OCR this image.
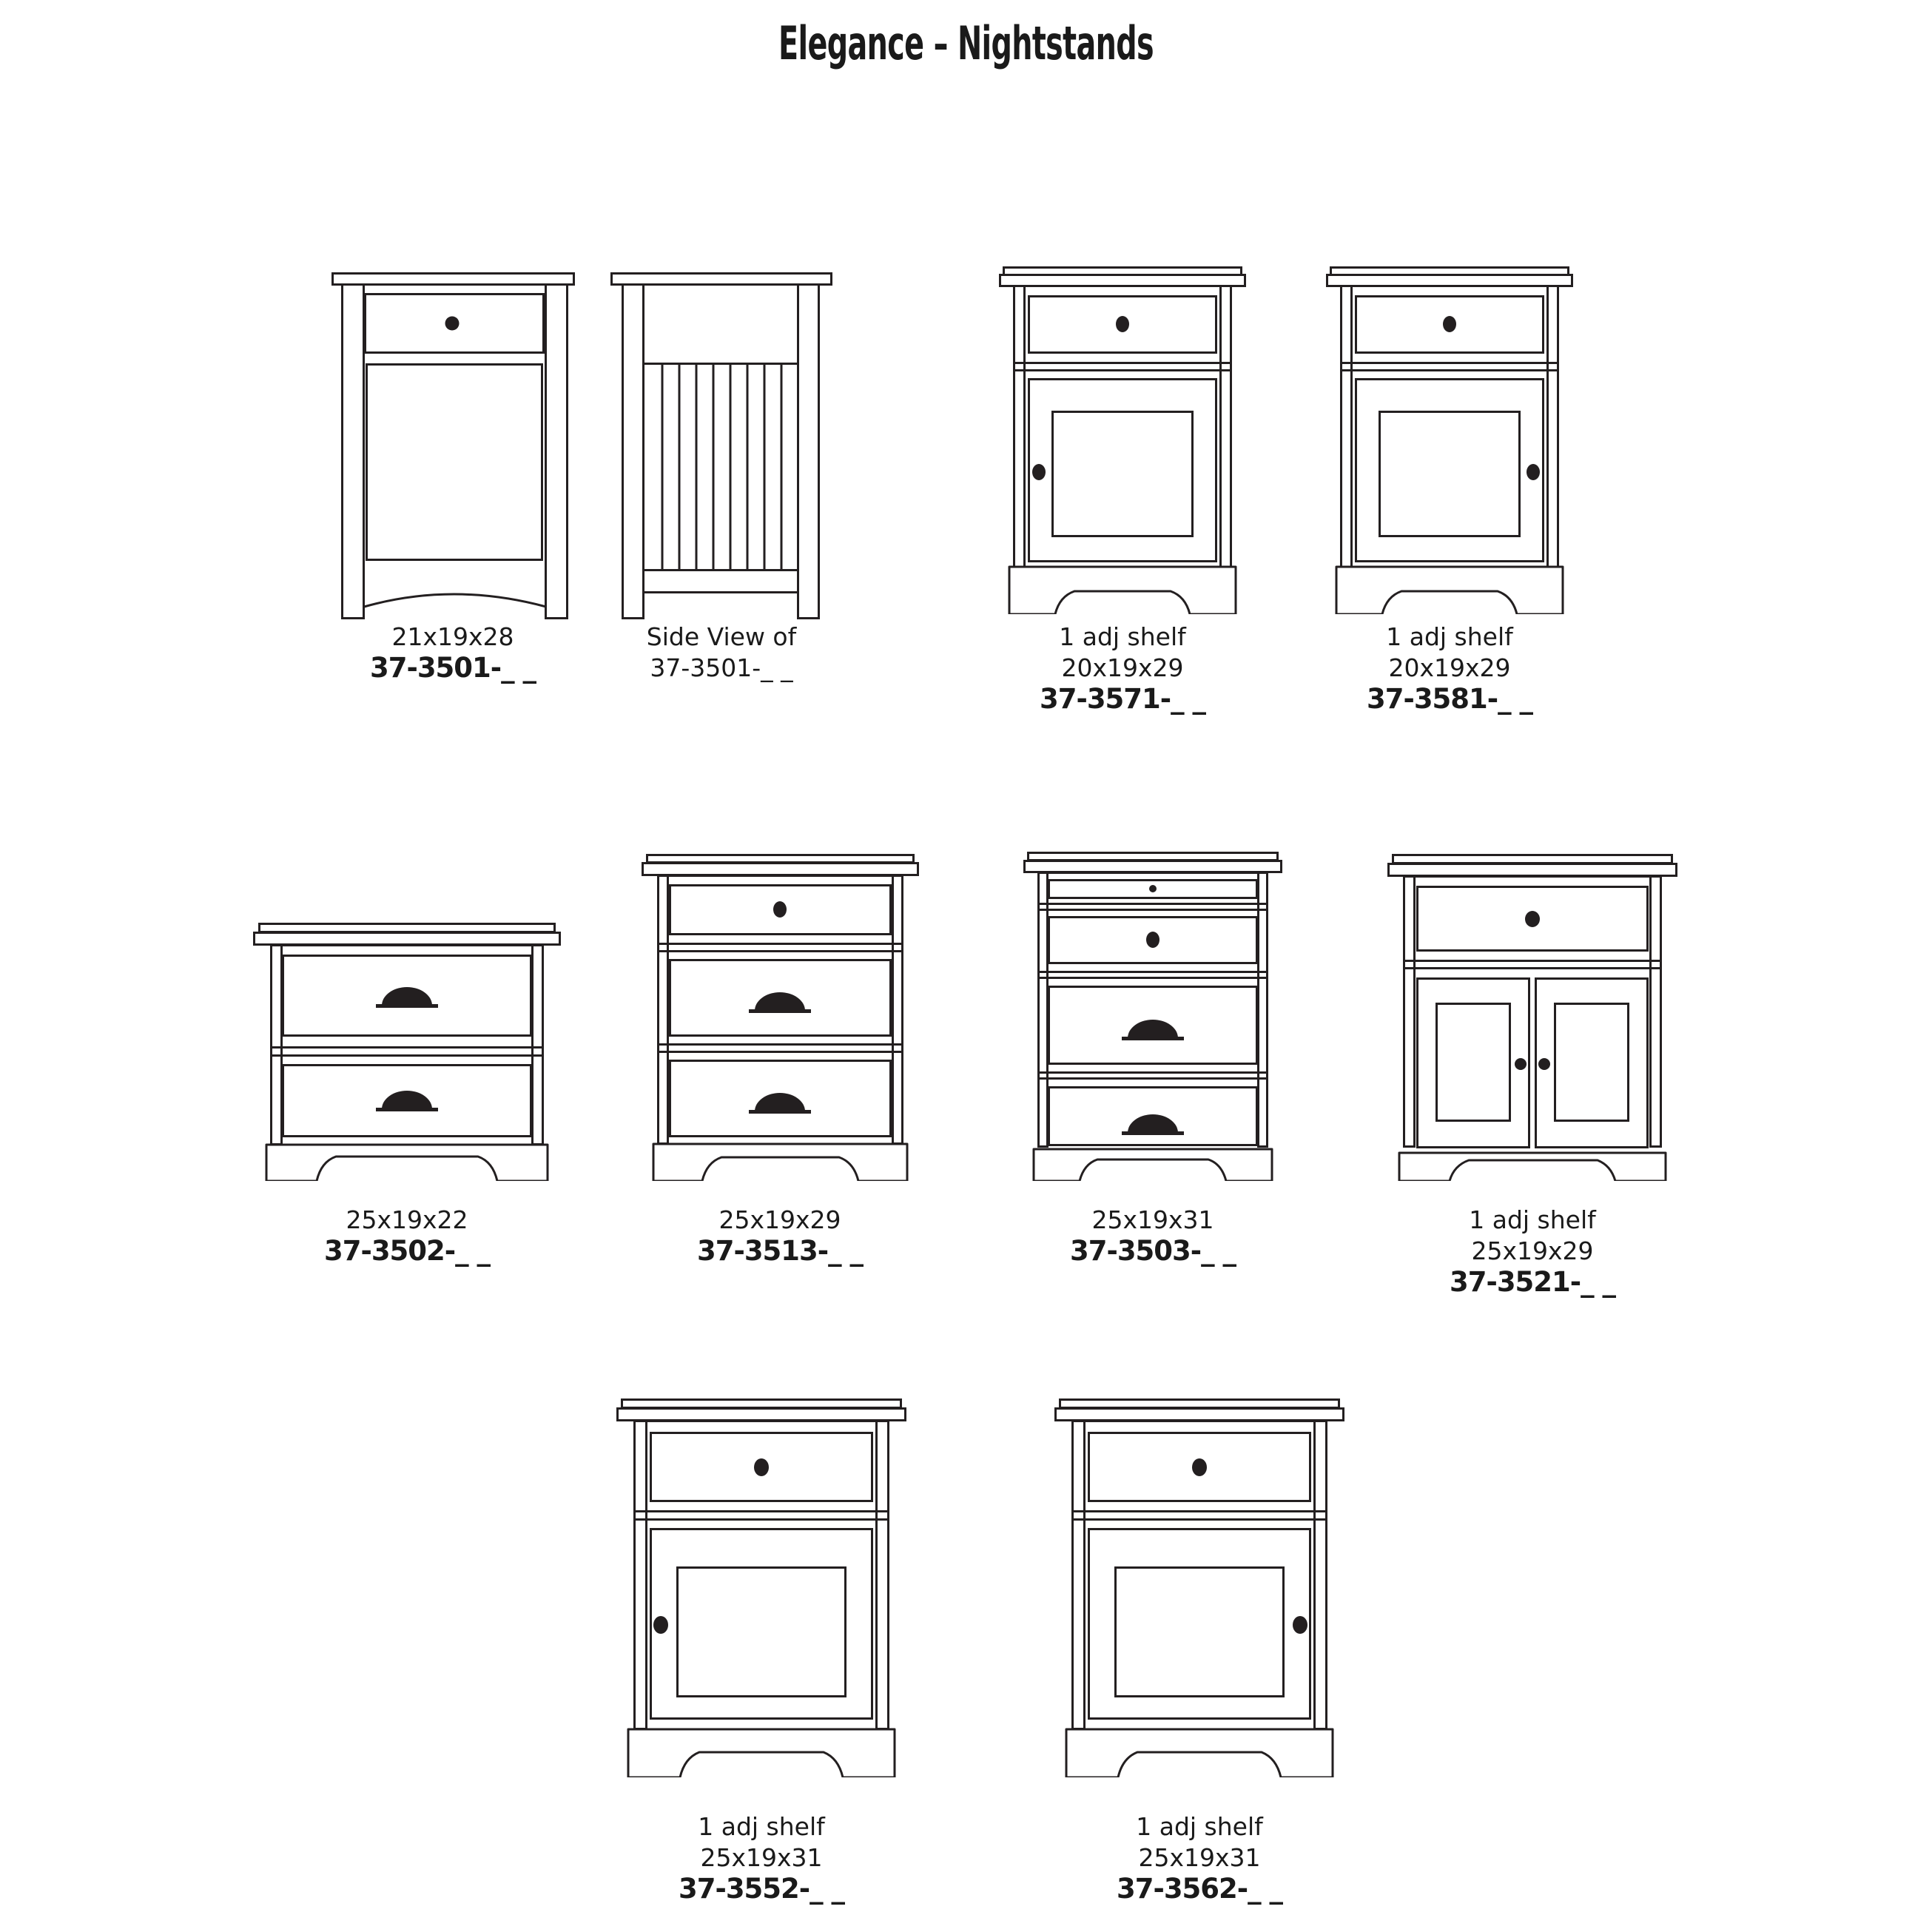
Elegance – Nightstands
21x19x28
37-3501-_ _
Side View of
37-3501-_ _
1 adj shelf
20x19x29
37-3571-_ _
1 adj shelf
20x19x29
37-3581-_ _
25x19x22
37-3502-_ _
25x19x29
37-3513-_ _
25x19x31
37-3503-_ _
1 adj shelf
25x19x29
37-3521-_ _
1 adj shelf
25x19x31
37-3552-_ _
1 adj shelf
25x19x31
37-3562-_ _
